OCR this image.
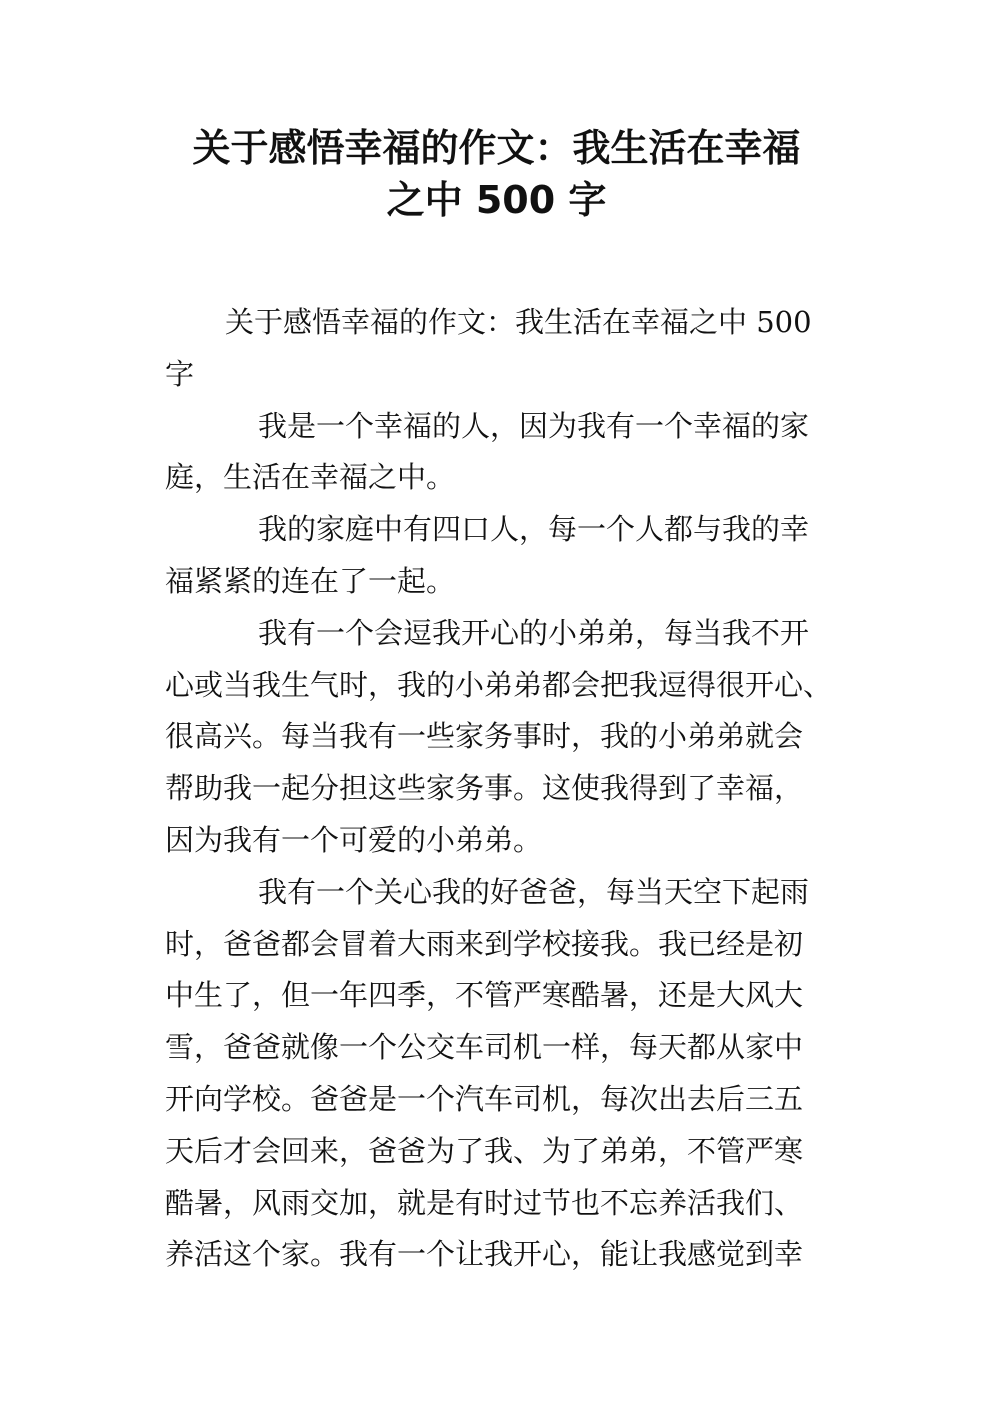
关于感悟幸福的作文：我生活在幸福
之中 500 字
关于感悟幸福的作文：我生活在幸福之中 500
字
我是一个幸福的人，因为我有一个幸福的家
庭，生活在幸福之中。
我的家庭中有四口人，每一个人都与我的幸
福紧紧的连在了一起。
我有一个会逗我开心的小弟弟，每当我不开
心或当我生气时，我的小弟弟都会把我逗得很开心、
很高兴。每当我有一些家务事时，我的小弟弟就会
帮助我一起分担这些家务事。这使我得到了幸福，
因为我有一个可爱的小弟弟。
我有一个关心我的好爸爸，每当天空下起雨
时，爸爸都会冒着大雨来到学校接我。我已经是初
中生了，但一年四季，不管严寒酷暑，还是大风大
雪，爸爸就像一个公交车司机一样，每天都从家中
开向学校。爸爸是一个汽车司机，每次出去后三五
天后才会回来，爸爸为了我、为了弟弟，不管严寒
酷暑，风雨交加，就是有时过节也不忘养活我们、
养活这个家。我有一个让我开心，能让我感觉到幸
